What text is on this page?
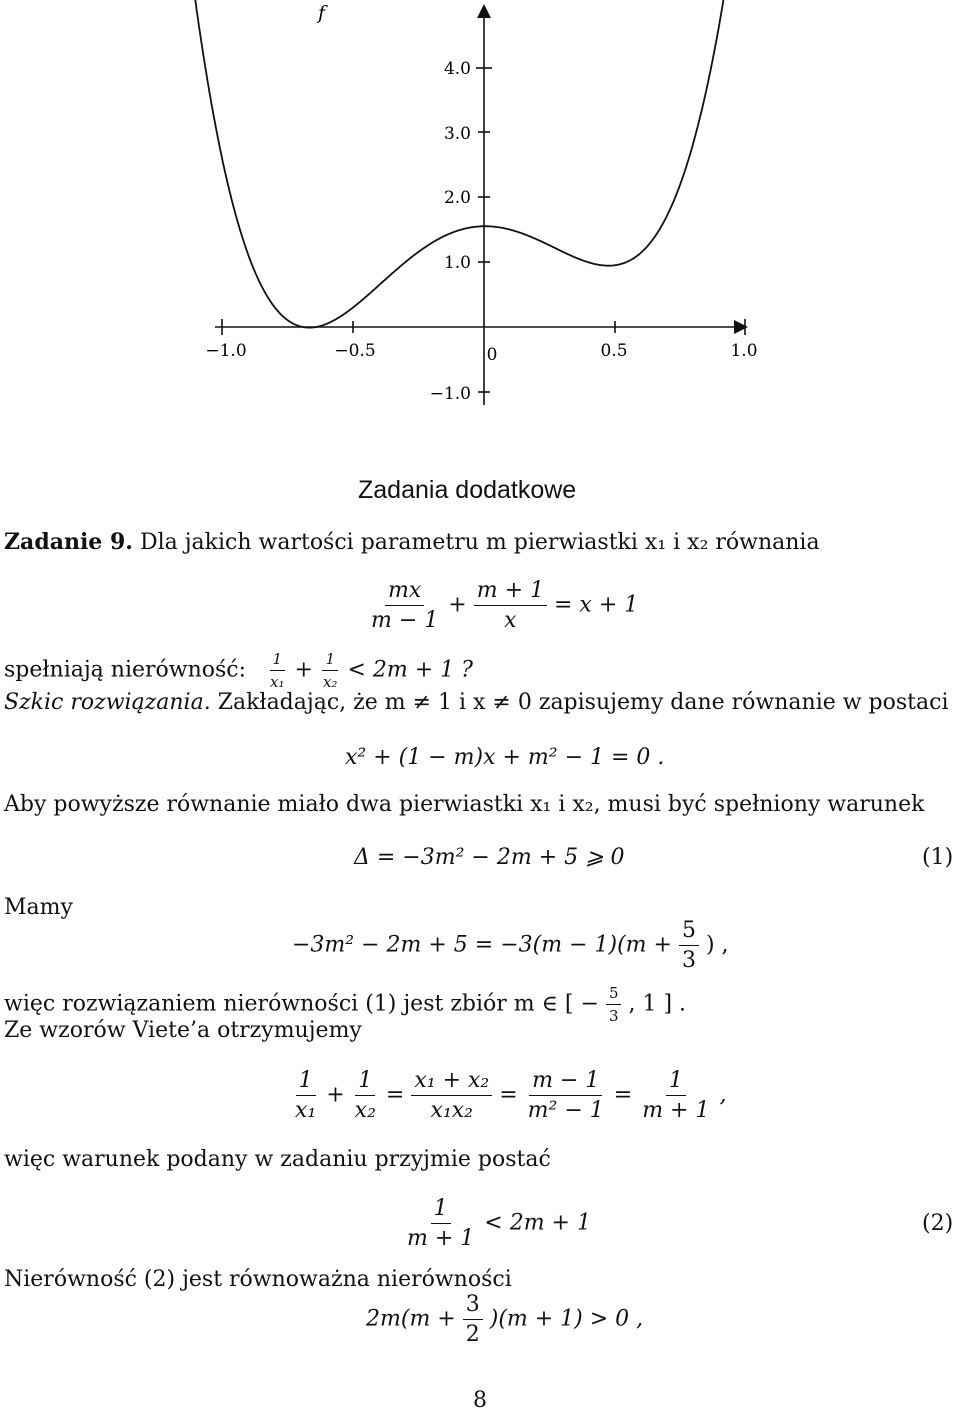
−1.0	−0.5	0	0.5	1.0
4.0
3.0
2.0
1.0
−1.0
f
Zadania dodatkowe
Zadanie 9. Dla jakich wartości parametru m pierwiastki x₁ i x₂ równania
$\frac{mx}{m - 1} + \frac{m + 1}{x} = x + 1$
spełniają nierówność: $\frac{1}{\text{x₁}} + \frac{1}{\text{x₂}} < 2m + 1$ ?
Szkic rozwiązania. Zakładając, że m ≠ 1 i x ≠ 0 zapisujemy dane równanie w postaci
x² + (1 − m)x + m² − 1 = 0 .
Aby powyższe równanie miało dwa pierwiastki x₁ i x₂, musi być spełniony warunek
Δ = −3m² − 2m + 5 ⩾ 0	(1)
Mamy
$-3m^2 - 2m + 5 = -3(m - 1)(m + \frac{5}{3}$ ) ,
więc rozwiązaniem nierówności (1) jest zbiór m ∈ [ − $\frac{5}{3}$ , 1 ] .
Ze wzorów Viete’a otrzymujemy
$\frac{1}{\text{x₁}} + \frac{1}{\text{x₂}} = \frac{\text{x₁ + x₂}}{\text{x₁x₂}} = \frac{m - 1}{\text{m² − 1}} = \frac{1}{m + 1}$ ,
więc warunek podany w zadaniu przyjmie postać
$\frac{1}{m + 1} < 2m + 1$	(2)
Nierówność (2) jest równoważna nierówności
$2m(m + \frac{3}{2} )(m + 1) > 0$ ,
8
